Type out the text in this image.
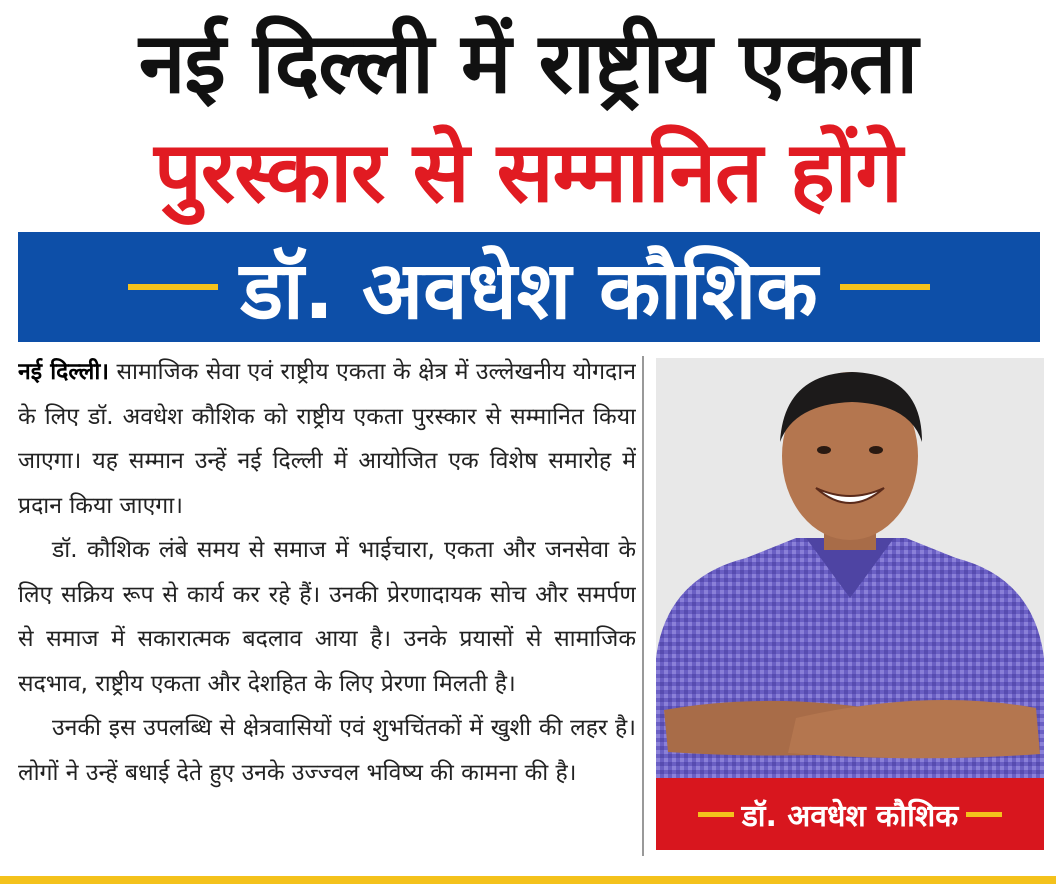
नई दिल्ली में राष्ट्रीय एकता
पुरस्कार से सम्मानित होंगे
डॉ. अवधेश कौशिक

नई दिल्ली। सामाजिक सेवा एवं राष्ट्रीय एकता के क्षेत्र में उल्लेखनीय योगदान के लिए डॉ. अवधेश कौशिक को राष्ट्रीय एकता पुरस्कार से सम्मानित किया जाएगा। यह सम्मान उन्हें नई दिल्ली में आयोजित एक विशेष समारोह में प्रदान किया जाएगा।

डॉ. कौशिक लंबे समय से समाज में भाईचारा, एकता और जनसेवा के लिए सक्रिय रूप से कार्य कर रहे हैं। उनकी प्रेरणादायक सोच और समर्पण से समाज में सकारात्मक बदलाव आया है। उनके प्रयासों से सामाजिक सदभाव, राष्ट्रीय एकता और देशहित के लिए प्रेरणा मिलती है।

उनकी इस उपलब्धि से क्षेत्रवासियों एवं शुभचिंतकों में खुशी की लहर है। लोगों ने उन्हें बधाई देते हुए उनके उज्ज्वल भविष्य की कामना की है।

डॉ. अवधेश कौशिक
